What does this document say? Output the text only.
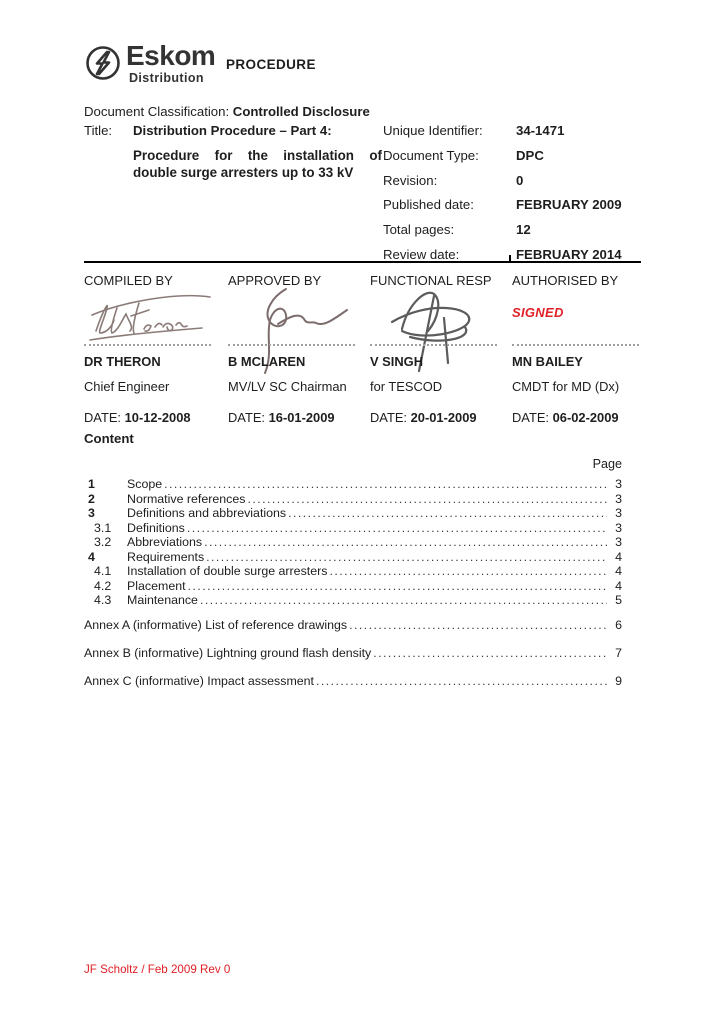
Eskom
Distribution
PROCEDURE
Document Classification: Controlled Disclosure
Title: Distribution Procedure – Part 4:
Procedure for the installation of double surge arresters up to 33 kV
Unique Identifier:	34-1471
Document Type:	DPC
Revision:	0
Published date:	FEBRUARY 2009
Total pages:	12
Review date:	FEBRUARY 2014
COMPILED BY
DR THERON
Chief Engineer
DATE: 10-12-2008
APPROVED BY
B MCLAREN
MV/LV SC Chairman
DATE: 16-01-2009
FUNCTIONAL RESP
V SINGH
for TESCOD
DATE: 20-01-2009
AUTHORISED BY
SIGNED
MN BAILEY
CMDT for MD (Dx)
DATE: 06-02-2009
Content
Page
1	Scope . . .	3
2	Normative references . . .	3
3	Definitions and abbreviations . . .	3
3.1	Definitions . . .	3
3.2	Abbreviations . . .	3
4	Requirements . . .	4
4.1	Installation of double surge arresters . . .	4
4.2	Placement . . .	4
4.3	Maintenance . . .	5
Annex A (informative) List of reference drawings . . .	6
Annex B (informative) Lightning ground flash density . . .	7
Annex C (informative) Impact assessment . . .	9
JF Scholtz / Feb 2009 Rev 0
